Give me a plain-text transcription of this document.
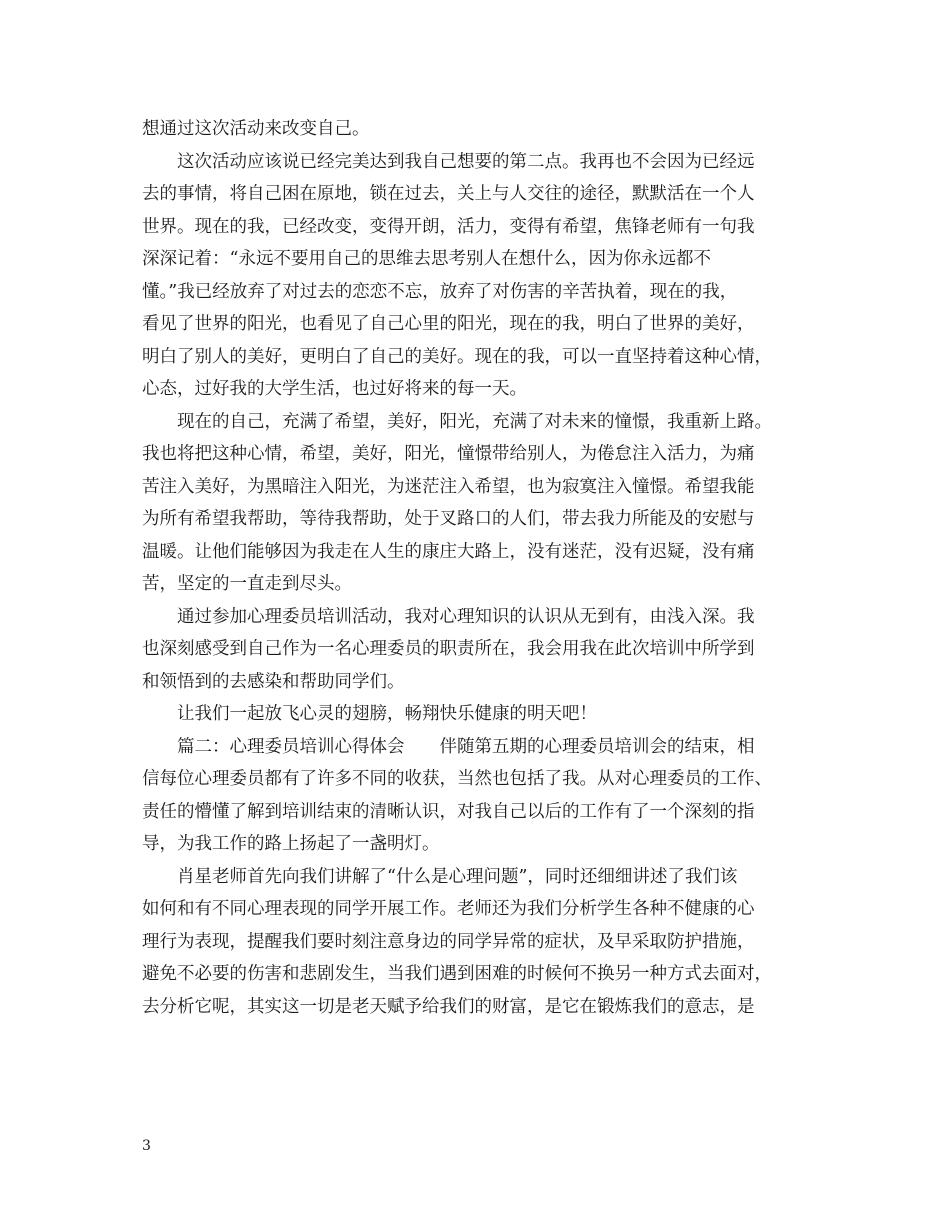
想通过这次活动来改变自己。
这次活动应该说已经完美达到我自己想要的第二点。我再也不会因为已经远
去的事情，将自己困在原地，锁在过去，关上与人交往的途径，默默活在一个人
世界。现在的我，已经改变，变得开朗，活力，变得有希望，焦锋老师有一句我
深深记着：“永远不要用自己的思维去思考别人在想什么，因为你永远都不
懂。”我已经放弃了对过去的恋恋不忘，放弃了对伤害的辛苦执着，现在的我，
看见了世界的阳光，也看见了自己心里的阳光，现在的我，明白了世界的美好，
明白了别人的美好，更明白了自己的美好。现在的我，可以一直坚持着这种心情，
心态，过好我的大学生活，也过好将来的每一天。
现在的自己，充满了希望，美好，阳光，充满了对未来的憧憬，我重新上路。
我也将把这种心情，希望，美好，阳光，憧憬带给别人，为倦怠注入活力，为痛
苦注入美好，为黑暗注入阳光，为迷茫注入希望，也为寂寞注入憧憬。希望我能
为所有希望我帮助，等待我帮助，处于叉路口的人们，带去我力所能及的安慰与
温暖。让他们能够因为我走在人生的康庄大路上，没有迷茫，没有迟疑，没有痛
苦，坚定的一直走到尽头。
通过参加心理委员培训活动，我对心理知识的认识从无到有，由浅入深。我
也深刻感受到自己作为一名心理委员的职责所在，我会用我在此次培训中所学到
和领悟到的去感染和帮助同学们。
让我们一起放飞心灵的翅膀，畅翔快乐健康的明天吧！
篇二：心理委员培训心得体会　　伴随第五期的心理委员培训会的结束，相
信每位心理委员都有了许多不同的收获，当然也包括了我。从对心理委员的工作、
责任的懵懂了解到培训结束的清晰认识，对我自己以后的工作有了一个深刻的指
导，为我工作的路上扬起了一盏明灯。
肖星老师首先向我们讲解了“什么是心理问题”，同时还细细讲述了我们该
如何和有不同心理表现的同学开展工作。老师还为我们分析学生各种不健康的心
理行为表现，提醒我们要时刻注意身边的同学异常的症状，及早采取防护措施，
避免不必要的伤害和悲剧发生，当我们遇到困难的时候何不换另一种方式去面对，
去分析它呢，其实这一切是老天赋予给我们的财富，是它在锻炼我们的意志，是
3
